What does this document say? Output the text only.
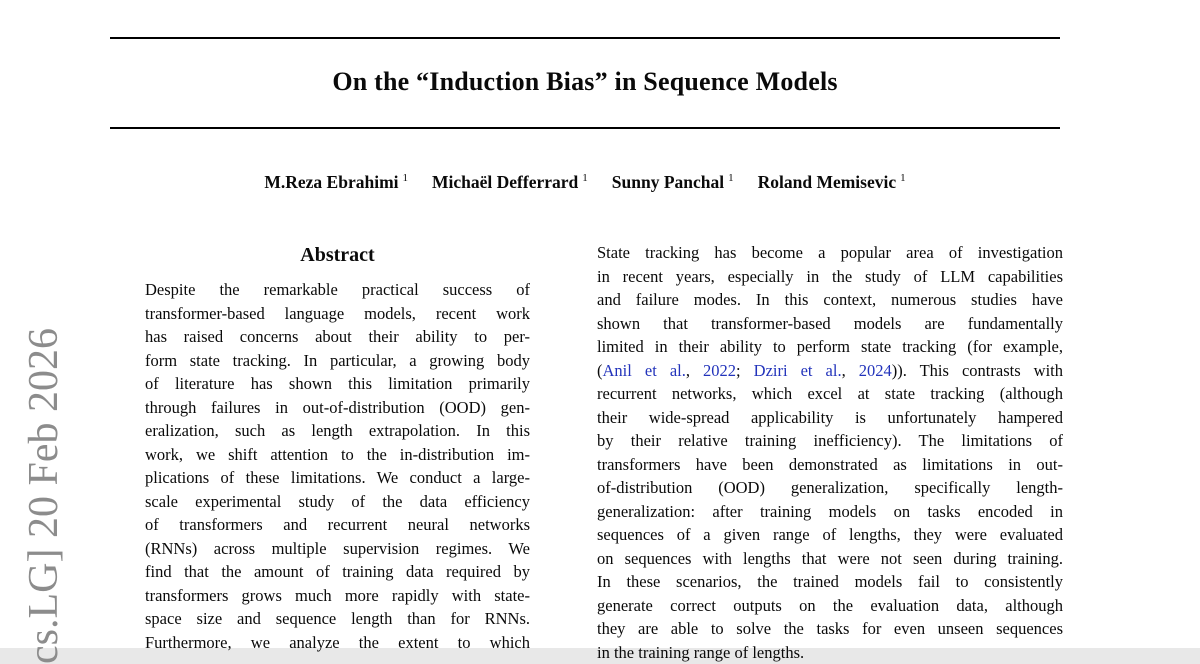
cs.LG] 20 Feb 2026
On the “Induction Bias” in Sequence Models
M.Reza Ebrahimi $^1$ Michaël Defferrard $^1$ Sunny Panchal $^1$ Roland Memisevic $^1$
Abstract
Despite the remarkable practical success of
transformer-based language models, recent work
has raised concerns about their ability to per-
form state tracking. In particular, a growing body
of literature has shown this limitation primarily
through failures in out-of-distribution (OOD) gen-
eralization, such as length extrapolation. In this
work, we shift attention to the in-distribution im-
plications of these limitations. We conduct a large-
scale experimental study of the data efficiency
of transformers and recurrent neural networks
(RNNs) across multiple supervision regimes. We
find that the amount of training data required by
transformers grows much more rapidly with state-
space size and sequence length than for RNNs.
Furthermore, we analyze the extent to which
State tracking has become a popular area of investigation
in recent years, especially in the study of LLM capabilities
and failure modes. In this context, numerous studies have
shown that transformer-based models are fundamentally
limited in their ability to perform state tracking (for example,
(Anil et al., 2022; Dziri et al., 2024)). This contrasts with
recurrent networks, which excel at state tracking (although
their wide-spread applicability is unfortunately hampered
by their relative training inefficiency). The limitations of
transformers have been demonstrated as limitations in out-
of-distribution (OOD) generalization, specifically length-
generalization: after training models on tasks encoded in
sequences of a given range of lengths, they were evaluated
on sequences with lengths that were not seen during training.
In these scenarios, the trained models fail to consistently
generate correct outputs on the evaluation data, although
they are able to solve the tasks for even unseen sequences
in the training range of lengths.
